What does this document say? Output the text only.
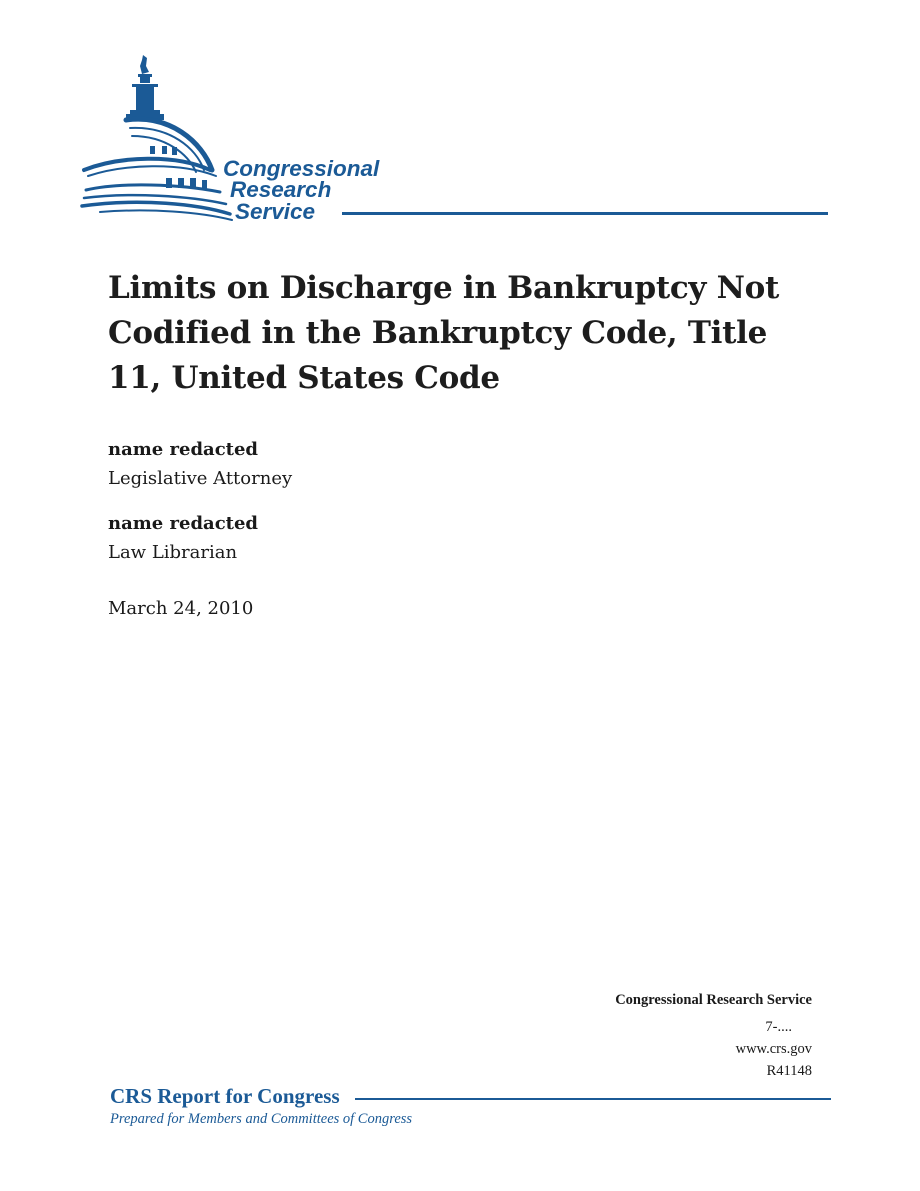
Congressional
Research
Service
Limits on Discharge in Bankruptcy Not Codified in the Bankruptcy Code, Title 11, United States Code
name redacted
Legislative Attorney
name redacted
Law Librarian
March 24, 2010
Congressional Research Service
7-....
www.crs.gov
R41148
CRS Report for Congress
Prepared for Members and Committees of Congress
